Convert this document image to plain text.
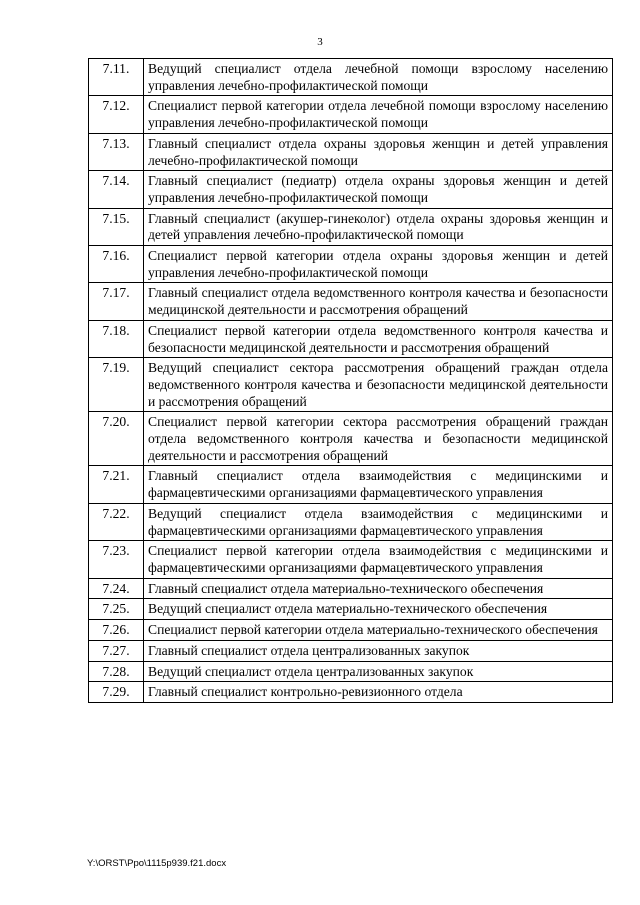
3
7.11.	Ведущий специалист отдела лечебной помощи взрослому населению управления лечебно-профилактической помощи
7.12.	Специалист первой категории отдела лечебной помощи взрослому населению управления лечебно-профилактической помощи
7.13.	Главный специалист отдела охраны здоровья женщин и детей управления лечебно-профилактической помощи
7.14.	Главный специалист (педиатр) отдела охраны здоровья женщин и детей управления лечебно-профилактической помощи
7.15.	Главный специалист (акушер-гинеколог) отдела охраны здоровья женщин и детей управления лечебно-профилактической помощи
7.16.	Специалист первой категории отдела охраны здоровья женщин и детей управления лечебно-профилактической помощи
7.17.	Главный специалист отдела ведомственного контроля качества и безопасности медицинской деятельности и рассмотрения обращений
7.18.	Специалист первой категории отдела ведомственного контроля качества и безопасности медицинской деятельности и рассмотрения обращений
7.19.	Ведущий специалист сектора рассмотрения обращений граждан отдела ведомственного контроля качества и безопасности медицинской деятельности и рассмотрения обращений
7.20.	Специалист первой категории сектора рассмотрения обращений граждан отдела ведомственного контроля качества и безопасности медицинской деятельности и рассмотрения обращений
7.21.	Главный специалист отдела взаимодействия с медицинскими и фармацевтическими организациями фармацевтического управления
7.22.	Ведущий специалист отдела взаимодействия с медицинскими и фармацевтическими организациями фармацевтического управления
7.23.	Специалист первой категории отдела взаимодействия с медицинскими и фармацевтическими организациями фармацевтического управления
7.24.	Главный специалист отдела материально-технического обеспечения
7.25.	Ведущий специалист отдела материально-технического обеспечения
7.26.	Специалист первой категории отдела материально-технического обеспечения
7.27.	Главный специалист отдела централизованных закупок
7.28.	Ведущий специалист отдела централизованных закупок
7.29.	Главный специалист контрольно-ревизионного отдела
Y:\ORST\Ppo\1115p939.f21.docx
